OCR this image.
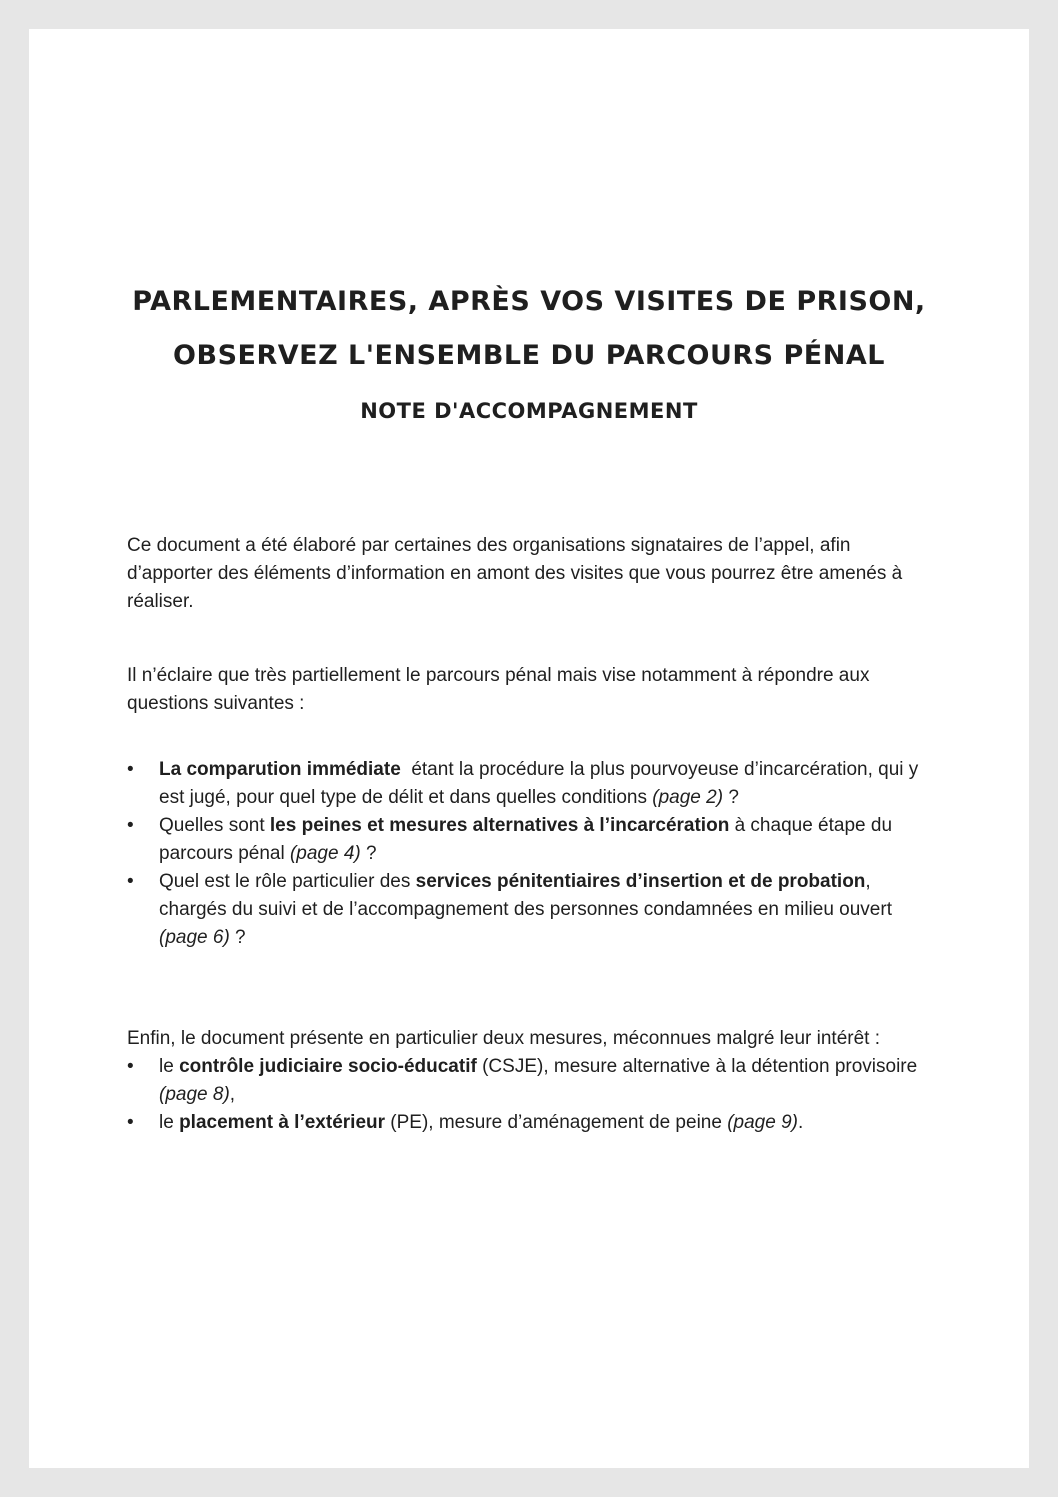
PARLEMENTAIRES, APRÈS VOS VISITES DE PRISON,
OBSERVEZ L'ENSEMBLE DU PARCOURS PÉNAL
NOTE D'ACCOMPAGNEMENT

Ce document a été élaboré par certaines des organisations signataires de l’appel, afin d’apporter des éléments d’information en amont des visites que vous pourrez être amenés à réaliser.

Il n’éclaire que très partiellement le parcours pénal mais vise notamment à répondre aux questions suivantes :

• La comparution immédiate  étant la procédure la plus pourvoyeuse d’incarcération, qui y est jugé, pour quel type de délit et dans quelles conditions (page 2) ?
• Quelles sont les peines et mesures alternatives à l’incarcération à chaque étape du parcours pénal (page 4) ?
• Quel est le rôle particulier des services pénitentiaires d’insertion et de probation, chargés du suivi et de l’accompagnement des personnes condamnées en milieu ouvert (page 6) ?

Enfin, le document présente en particulier deux mesures, méconnues malgré leur intérêt :

• le contrôle judiciaire socio-éducatif (CSJE), mesure alternative à la détention provisoire (page 8),
• le placement à l’extérieur (PE), mesure d’aménagement de peine (page 9).
